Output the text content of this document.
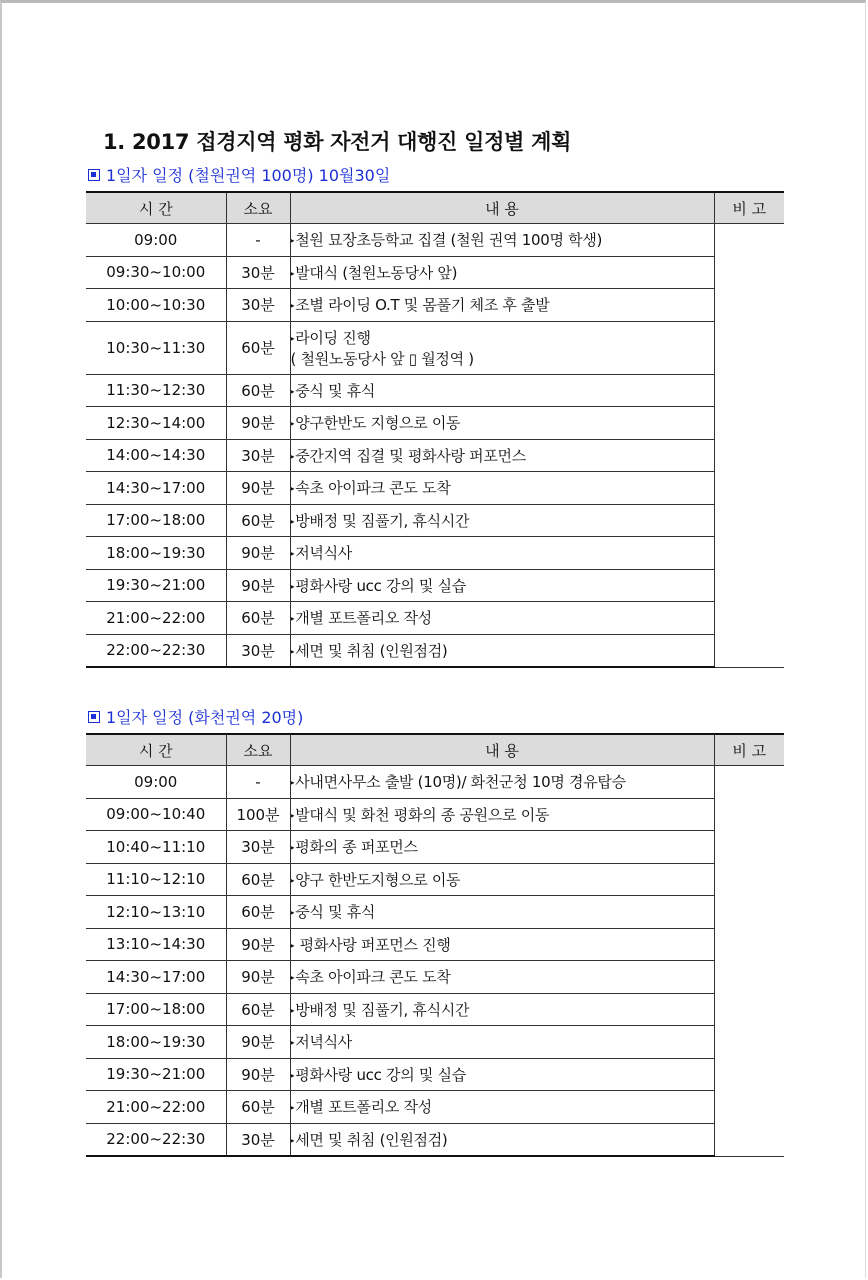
1. 2017 접경지역 평화 자전거 대행진 일정별 계획
1일자 일정 (철원권역 100명) 10월30일
시 간	소요	내 용	비 고
09:00	-	▸철원 묘장초등학교 집결 (철원 권역 100명 학생)	
09:30~10:00	30분	▸발대식 (철원노동당사 앞)	
10:00~10:30	30분	▸조별 라이딩 O.T 및 몸풀기 체조 후 출발	
10:30~11:30	60분	▸라이딩 진행
( 철원노동당사 앞 ▯ 월정역 )	

11:30~12:30	60분	▸중식 및 휴식	
12:30~14:00	90분	▸양구한반도 지형으로 이동	
14:00~14:30	30분	▸중간지역 집결 및 평화사랑 퍼포먼스	
14:30~17:00	90분	▸속초 아이파크 콘도 도착	
17:00~18:00	60분	▸방배정 및 짐풀기, 휴식시간	
18:00~19:30	90분	▸저녁식사	
19:30~21:00	90분	▸평화사랑 ucc 강의 및 실습	
21:00~22:00	60분	▸개별 포트폴리오 작성	
22:00~22:30	30분	▸세면 및 취침 (인원점검)	
1일자 일정 (화천권역 20명)
시 간	소요	내 용	비 고
09:00	-	▸사내면사무소 출발 (10명)/ 화천군청 10명 경유탑승	
09:00~10:40	100분	▸발대식 및 화천 평화의 종 공원으로 이동	
10:40~11:10	30분	▸평화의 종 퍼포먼스	
11:10~12:10	60분	▸양구 한반도지형으로 이동	
12:10~13:10	60분	▸중식 및 휴식	
13:10~14:30	90분	▸ 평화사랑 퍼포먼스 진행	
14:30~17:00	90분	▸속초 아이파크 콘도 도착	
17:00~18:00	60분	▸방배정 및 짐풀기, 휴식시간	
18:00~19:30	90분	▸저녁식사	
19:30~21:00	90분	▸평화사랑 ucc 강의 및 실습	
21:00~22:00	60분	▸개별 포트폴리오 작성	
22:00~22:30	30분	▸세면 및 취침 (인원점검)	
